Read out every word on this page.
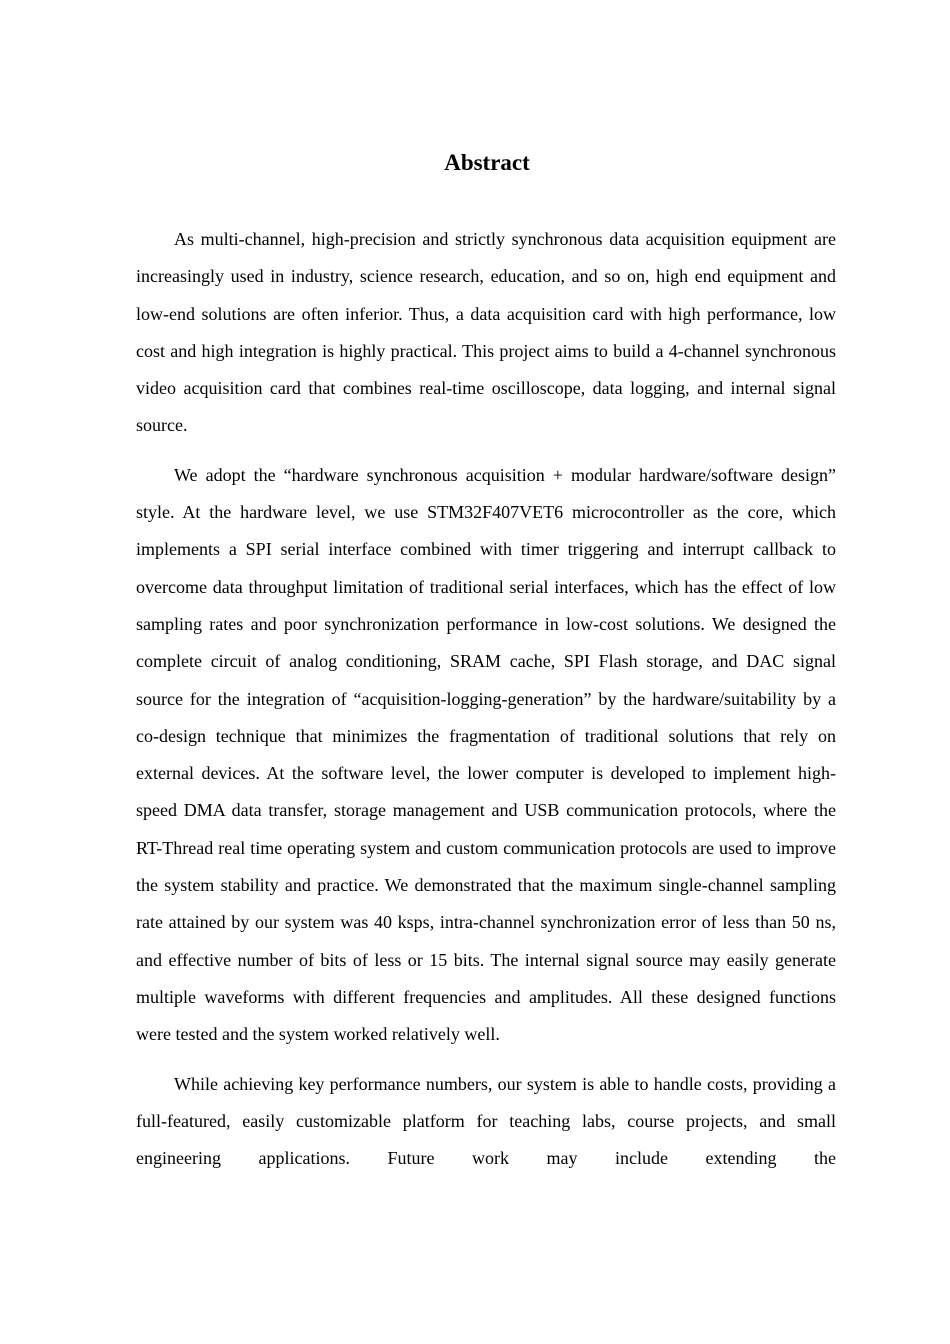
Abstract

As multi-channel, high-precision and strictly synchronous data acquisition equipment are increasingly used in industry, science research, education, and so on, high end equipment and low-end solutions are often inferior. Thus, a data acquisition card with high performance, low cost and high integration is highly practical. This project aims to build a 4-channel synchronous video acquisition card that combines real-time oscilloscope, data logging, and internal signal source.

We adopt the “hardware synchronous acquisition + modular hardware/software design” style. At the hardware level, we use STM32F407VET6 microcontroller as the core, which implements a SPI serial interface combined with timer triggering and interrupt callback to overcome data throughput limitation of traditional serial interfaces, which has the effect of low sampling rates and poor synchronization performance in low-cost solutions. We designed the complete circuit of analog conditioning, SRAM cache, SPI Flash storage, and DAC signal source for the integration of “acquisition-logging-generation” by the hardware/suitability by a co-design technique that minimizes the fragmentation of traditional solutions that rely on external devices. At the software level, the lower computer is developed to implement high-speed DMA data transfer, storage management and USB communication protocols, where the RT-Thread real time operating system and custom communication protocols are used to improve the system stability and practice. We demonstrated that the maximum single-channel sampling rate attained by our system was 40 ksps, intra-channel synchronization error of less than 50 ns, and effective number of bits of less or 15 bits. The internal signal source may easily generate multiple waveforms with different frequencies and amplitudes. All these designed functions were tested and the system worked relatively well.

While achieving key performance numbers, our system is able to handle costs, providing a full-featured, easily customizable platform for teaching labs, course projects, and small engineering applications. Future work may include extending the
